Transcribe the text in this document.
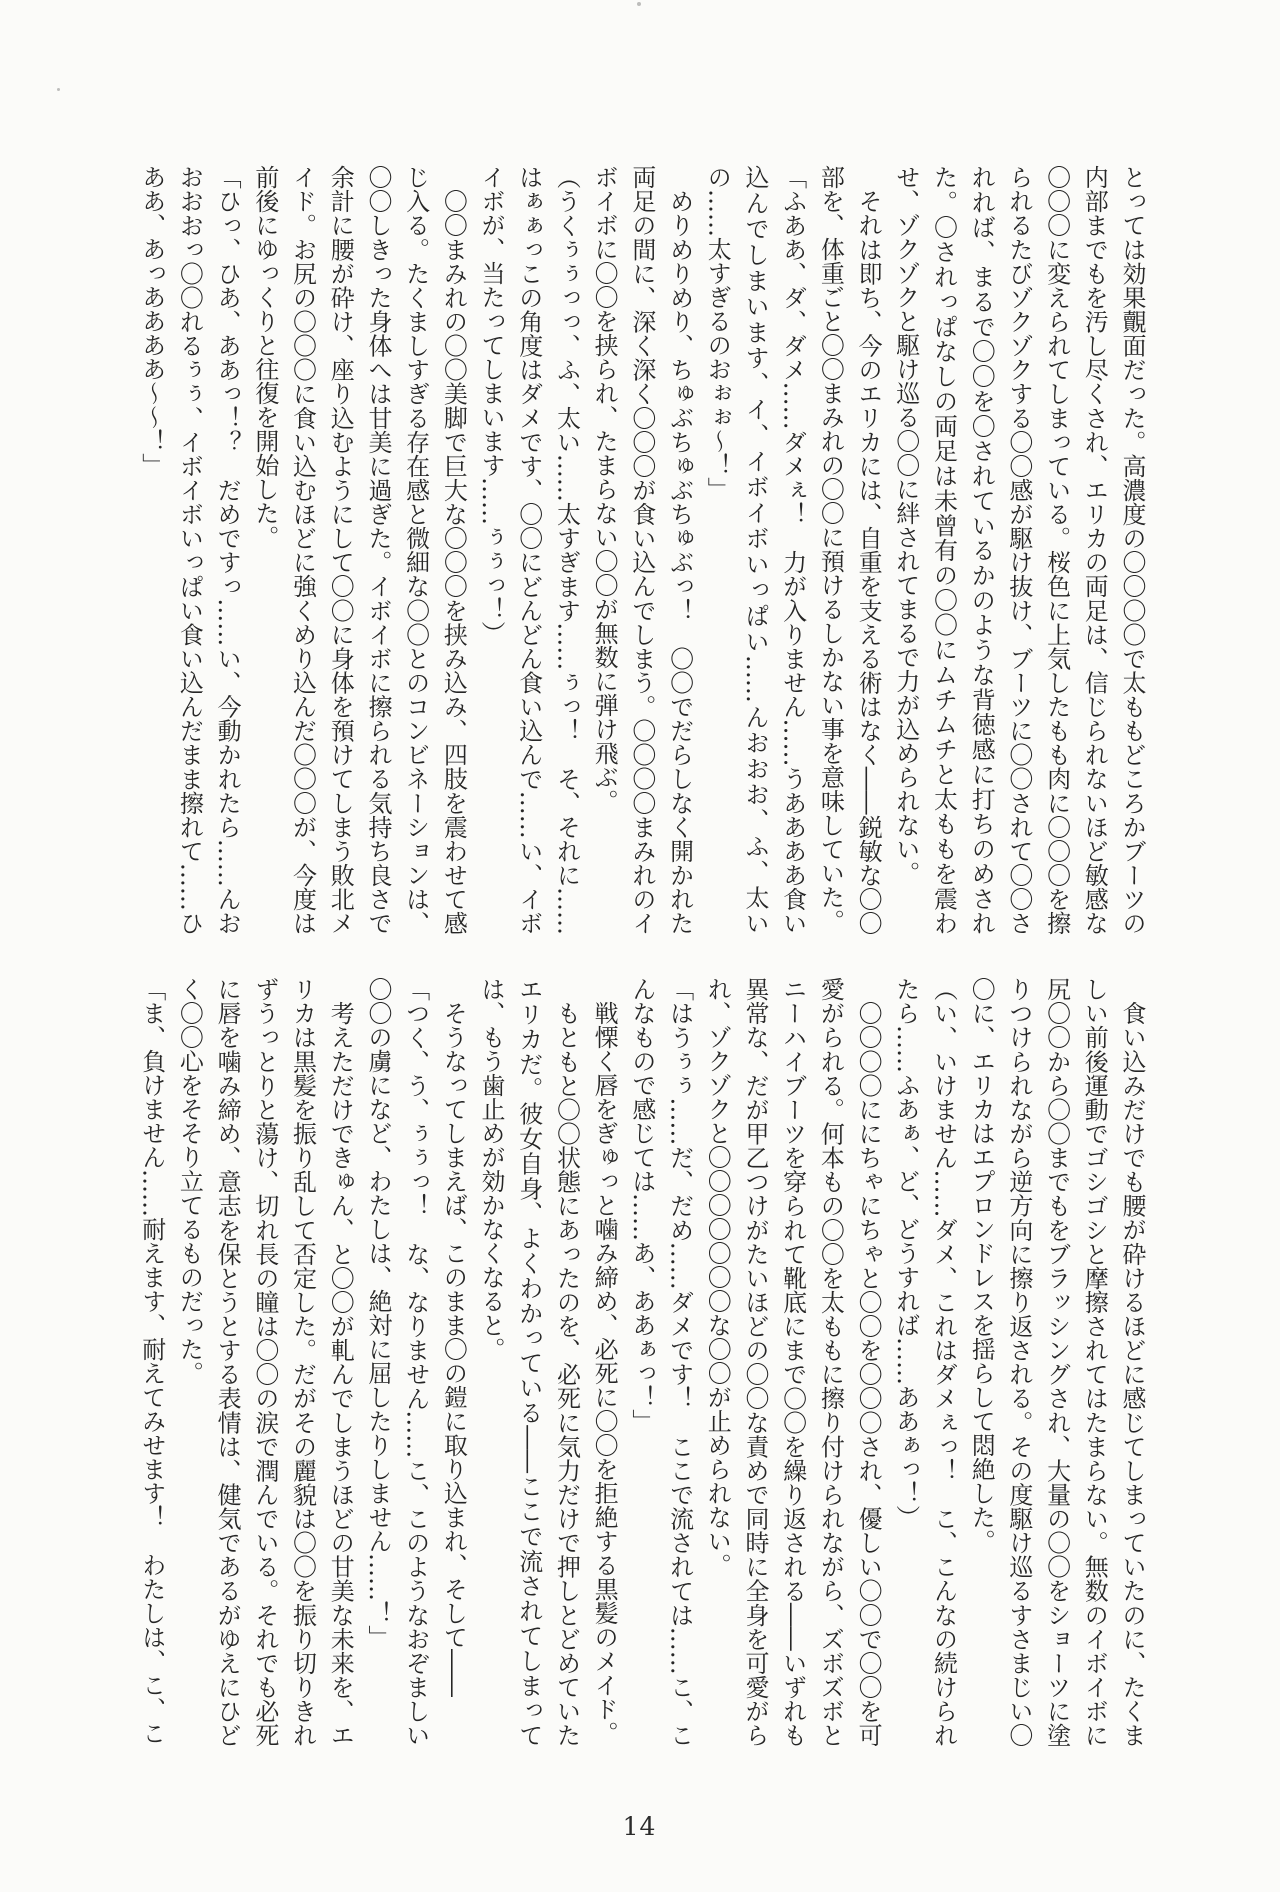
とっては効果覿面だった。高濃度の〇〇〇〇で太ももどころかブーツの内部までもを汚し尽くされ、エリカの両足は、信じられないほど敏感な〇〇〇に変えられてしまっている。桜色に上気したもも肉に〇〇〇を擦られるたびゾクゾクする〇〇感が駆け抜け、ブーツに〇〇されて〇〇されれば、まるで〇〇を〇されているかのような背徳感に打ちのめされた。〇されっぱなしの両足は未曾有の〇〇にムチムチと太ももを震わせ、ゾクゾクと駆け巡る〇〇に絆されてまるで力が込められない。

それは即ち、今のエリカには、自重を支える術はなく――鋭敏な〇〇部を、体重ごと〇〇まみれの〇〇に預けるしかない事を意味していた。

「ふああ、ダ、ダメ……ダメぇ！　力が入りません……うああああ食い込んでしまいます、イ、イボイボいっぱい……んおおお、ふ、太いの……太すぎるのおぉぉ〜！」

めりめりめり、ちゅぶちゅぶちゅぶっ！　〇〇でだらしなく開かれた両足の間に、深く深く〇〇〇が食い込んでしまう。〇〇〇〇まみれのイボイボに〇〇を挟られ、たまらない〇〇が無数に弾け飛ぶ。

（うくぅぅっっ、ふ、太い……太すぎます……ぅっ！　そ、それに……はぁぁっこの角度はダメです、〇〇にどんどん食い込んで……い、イボイボが、当たってしまいます……ぅぅっ！）

〇〇まみれの〇〇美脚で巨大な〇〇〇を挟み込み、四肢を震わせて感じ入る。たくましすぎる存在感と微細な〇〇とのコンビネーションは、〇〇しきった身体へは甘美に過ぎた。イボイボに擦られる気持ち良さで余計に腰が砕け、座り込むようにして〇〇に身体を預けてしまう敗北メイド。お尻の〇〇〇に食い込むほどに強くめり込んだ〇〇〇が、今度は前後にゆっくりと往復を開始した。

「ひっ、ひあ、ああっ！？　だめですっ……い、今動かれたら……んおおおおっ〇〇れるぅぅ、イボイボいっぱい食い込んだまま擦れて……ひああ、あっああああ〜〜！」

食い込みだけでも腰が砕けるほどに感じてしまっていたのに、たくましい前後運動でゴシゴシと摩擦されてはたまらない。無数のイボイボに尻〇〇から〇〇までもをブラッシングされ、大量の〇〇をショーツに塗りつけられながら逆方向に擦り返される。その度駆け巡るすさまじい〇〇に、エリカはエプロンドレスを揺らして悶絶した。

（い、いけません……ダメ、これはダメぇっ！　こ、こんなの続けられたら……ふあぁ、ど、どうすれば……ああぁっ！）

〇〇〇〇ににちゃにちゃと〇〇を〇〇〇され、優しい〇〇で〇〇を可愛がられる。何本もの〇〇を太ももに擦り付けられながら、ズボズボとニーハイブーツを穿られて靴底にまで〇〇を繰り返される――いずれも異常な、だが甲乙つけがたいほどの〇〇な責めで同時に全身を可愛がられ、ゾクゾクと〇〇〇〇〇〇〇な〇〇が止められない。

「はうぅぅ……だ、だめ……ダメです！　ここで流されては……こ、こんなもので感じては……あ、ああぁっ！」

戦慄く唇をぎゅっと噛み締め、必死に〇〇を拒絶する黒髪のメイド。

もともと〇〇状態にあったのを、必死に気力だけで押しとどめていたエリカだ。彼女自身、よくわかっている――ここで流されてしまっては、もう歯止めが効かなくなると。

そうなってしまえば、このまま〇の鎧に取り込まれ、そして――

「つく、う、ぅぅっ！　な、なりません……こ、このようなおぞましい〇〇の虜になど、わたしは、絶対に屈したりしません……！」

考えただけできゅん、と〇〇が軋んでしまうほどの甘美な未来を、エリカは黒髪を振り乱して否定した。だがその麗貌は〇〇を振り切りきれずうっとりと蕩け、切れ長の瞳は〇〇の涙で潤んでいる。それでも必死に唇を噛み締め、意志を保とうとする表情は、健気であるがゆえにひどく〇〇心をそそり立てるものだった。

「ま、負けません……耐えます、耐えてみせます！　わたしは、こ、こ

14
